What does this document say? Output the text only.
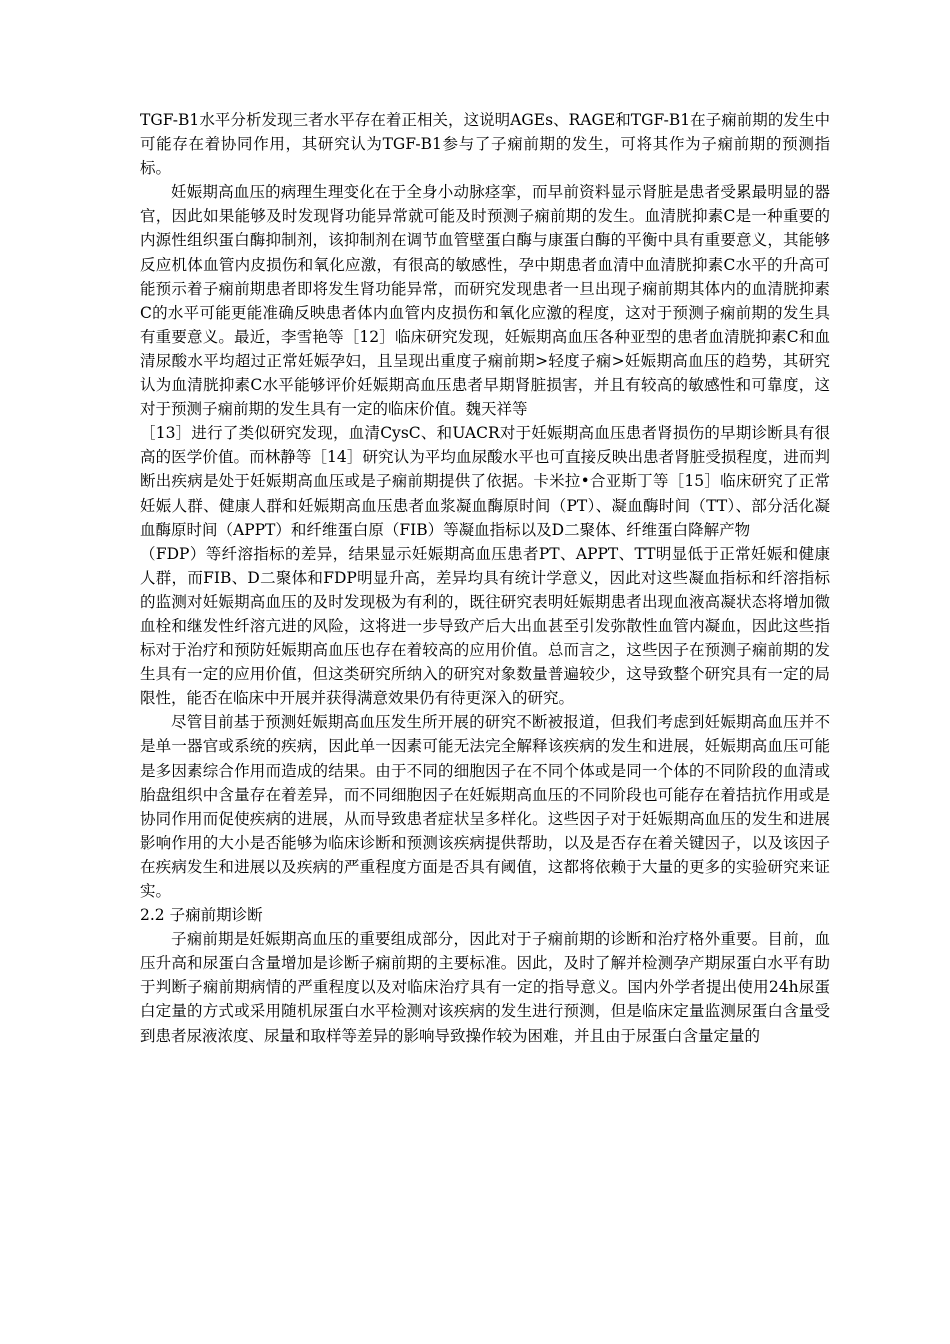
TGF-B1水平分析发现三者水平存在着正相关，这说明AGEs、RAGE和TGF-B1在子痫前期的发生中可能存在着协同作用，其研究认为TGF-B1参与了子痫前期的发生，可将其作为子痫前期的预测指标。

妊娠期高血压的病理生理变化在于全身小动脉痉挛，而早前资料显示肾脏是患者受累最明显的器官，因此如果能够及时发现肾功能异常就可能及时预测子痫前期的发生。血清胱抑素C是一种重要的内源性组织蛋白酶抑制剂，该抑制剂在调节血管壁蛋白酶与康蛋白酶的平衡中具有重要意义，其能够反应机体血管内皮损伤和氧化应激，有很高的敏感性，孕中期患者血清中血清胱抑素C水平的升高可能预示着子痫前期患者即将发生肾功能异常，而研究发现患者一旦出现子痫前期其体内的血清胱抑素C的水平可能更能准确反映患者体内血管内皮损伤和氧化应激的程度，这对于预测子痫前期的发生具有重要意义。最近，李雪艳等［12］临床研究发现，妊娠期高血压各种亚型的患者血清胱抑素C和血清尿酸水平均超过正常妊娠孕妇，且呈现出重度子痫前期>轻度子痫>妊娠期高血压的趋势，其研究认为血清胱抑素C水平能够评价妊娠期高血压患者早期肾脏损害，并且有较高的敏感性和可靠度，这对于预测子痫前期的发生具有一定的临床价值。魏天祥等

［13］进行了类似研究发现，血清CysC、和UACR对于妊娠期高血压患者肾损伤的早期诊断具有很高的医学价值。而林静等［14］研究认为平均血尿酸水平也可直接反映出患者肾脏受损程度，进而判断出疾病是处于妊娠期高血压或是子痫前期提供了依据。卡米拉•合亚斯丁等［15］临床研究了正常妊娠人群、健康人群和妊娠期高血压患者血浆凝血酶原时间（PT）、凝血酶时间（TT）、部分活化凝血酶原时间（APPT）和纤维蛋白原（FIB）等凝血指标以及D二聚体、纤维蛋白降解产物

（FDP）等纤溶指标的差异，结果显示妊娠期高血压患者PT、APPT、TT明显低于正常妊娠和健康人群，而FIB、D二聚体和FDP明显升高，差异均具有统计学意义，因此对这些凝血指标和纤溶指标的监测对妊娠期高血压的及时发现极为有利的，既往研究表明妊娠期患者出现血液高凝状态将增加微血栓和继发性纤溶亢进的风险，这将进一步导致产后大出血甚至引发弥散性血管内凝血，因此这些指标对于治疗和预防妊娠期高血压也存在着较高的应用价值。总而言之，这些因子在预测子痫前期的发生具有一定的应用价值，但这类研究所纳入的研究对象数量普遍较少，这导致整个研究具有一定的局限性，能否在临床中开展并获得满意效果仍有待更深入的研究。

尽管目前基于预测妊娠期高血压发生所开展的研究不断被报道，但我们考虑到妊娠期高血压并不是单一器官或系统的疾病，因此单一因素可能无法完全解释该疾病的发生和进展，妊娠期高血压可能是多因素综合作用而造成的结果。由于不同的细胞因子在不同个体或是同一个体的不同阶段的血清或胎盘组织中含量存在着差异，而不同细胞因子在妊娠期高血压的不同阶段也可能存在着拮抗作用或是协同作用而促使疾病的进展，从而导致患者症状呈多样化。这些因子对于妊娠期高血压的发生和进展影响作用的大小是否能够为临床诊断和预测该疾病提供帮助，以及是否存在着关键因子，以及该因子在疾病发生和进展以及疾病的严重程度方面是否具有阈值，这都将依赖于大量的更多的实验研究来证实。

2.2 子痫前期诊断

子痫前期是妊娠期高血压的重要组成部分，因此对于子痫前期的诊断和治疗格外重要。目前，血压升高和尿蛋白含量增加是诊断子痫前期的主要标准。因此，及时了解并检测孕产期尿蛋白水平有助于判断子痫前期病情的严重程度以及对临床治疗具有一定的指导意义。国内外学者提出使用24h尿蛋白定量的方式或采用随机尿蛋白水平检测对该疾病的发生进行预测，但是临床定量监测尿蛋白含量受到患者尿液浓度、尿量和取样等差异的影响导致操作较为困难，并且由于尿蛋白含量定量的
